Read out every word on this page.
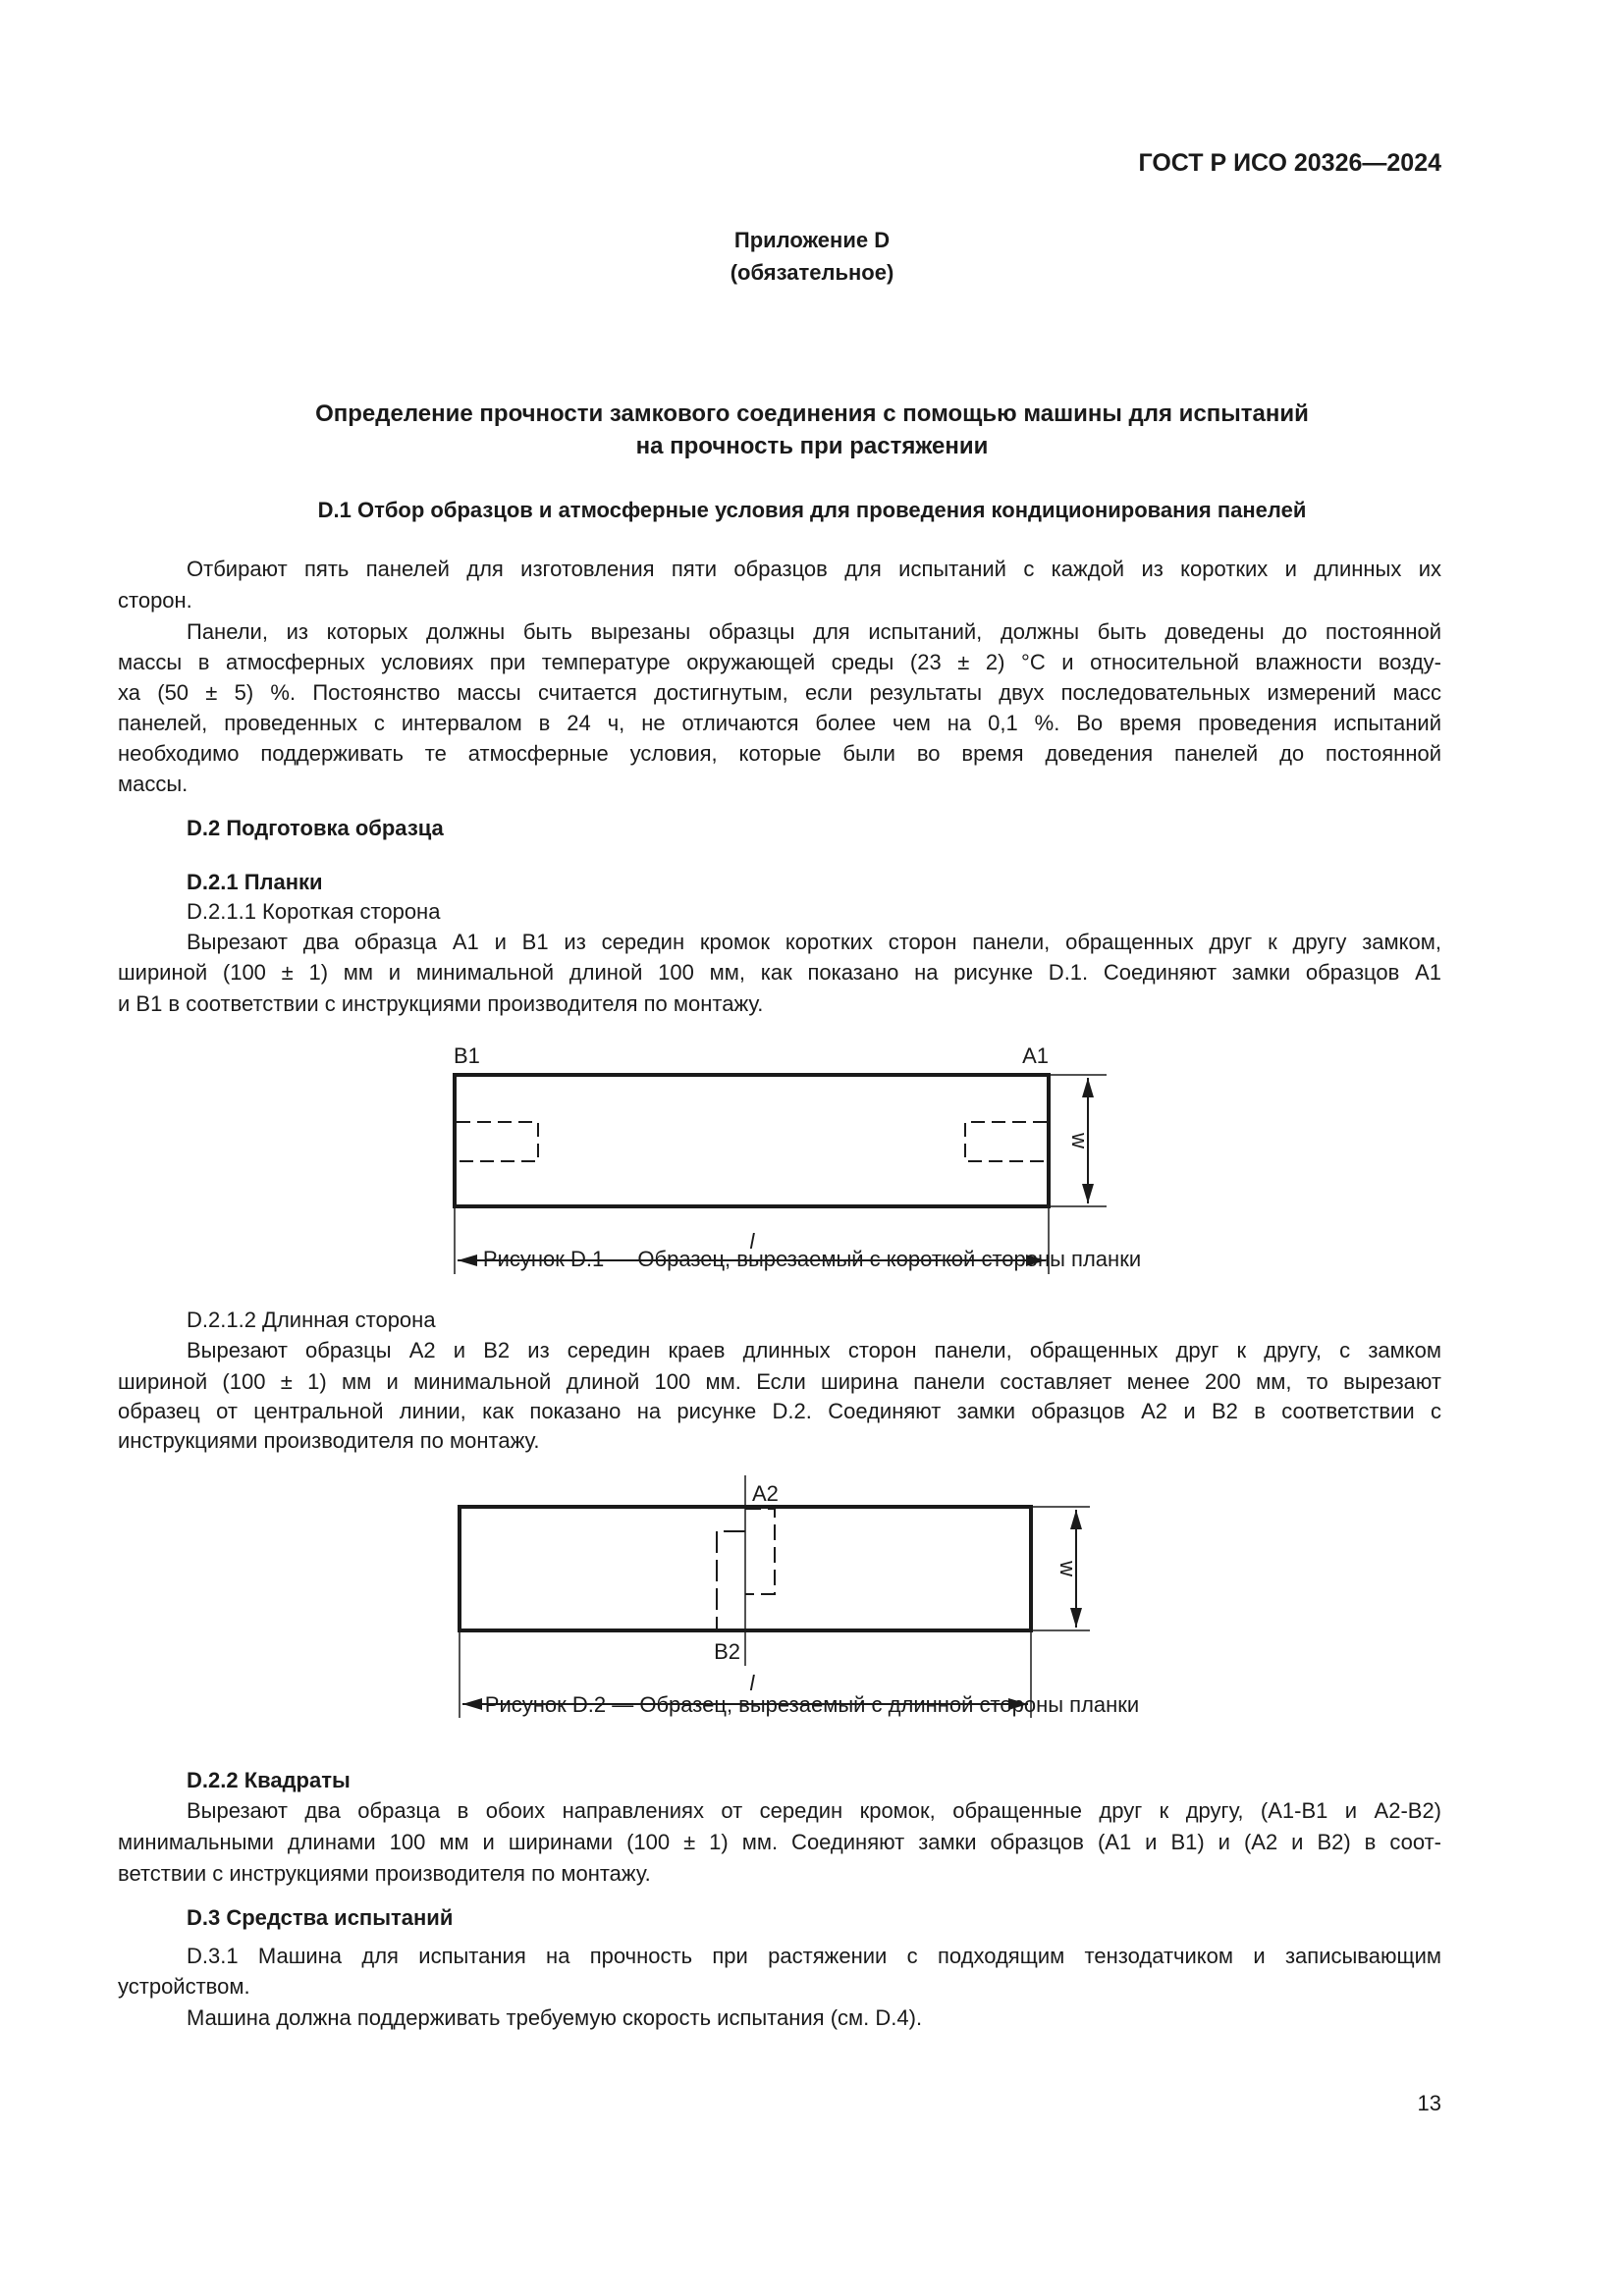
ГОСТ Р ИСО 20326—2024
Приложение D
(обязательное)
Определение прочности замкового соединения с помощью машины для испытаний
на прочность при растяжении
D.1 Отбор образцов и атмосферные условия для проведения кондиционирования панелей
Отбирают пять панелей для изготовления пяти образцов для испытаний с каждой из коротких и длинных их
сторон.
Панели, из которых должны быть вырезаны образцы для испытаний, должны быть доведены до постоянной
массы в атмосферных условиях при температуре окружающей среды (23 ± 2) °С и относительной влажности возду-
ха (50 ± 5) %. Постоянство массы считается достигнутым, если результаты двух последовательных измерений масс
панелей, проведенных с интервалом в 24 ч, не отличаются более чем на 0,1 %. Во время проведения испытаний
необходимо поддерживать те атмосферные условия, которые были во время доведения панелей до постоянной
массы.
D.2 Подготовка образца
D.2.1 Планки
D.2.1.1 Короткая сторона
Вырезают два образца А1 и В1 из середин кромок коротких сторон панели, обращенных друг к другу замком,
шириной (100 ± 1) мм и минимальной длиной 100 мм, как показано на рисунке D.1. Соединяют замки образцов А1
и В1 в соответствии с инструкциями производителя по монтажу.
B1	A1
w
l
A2
B2
w
l
Рисунок D.1 — Образец, вырезаемый с короткой стороны планки
D.2.1.2 Длинная сторона
Вырезают образцы А2 и В2 из середин краев длинных сторон панели, обращенных друг к другу, с замком
шириной (100 ± 1) мм и минимальной длиной 100 мм. Если ширина панели составляет менее 200 мм, то вырезают
образец от центральной линии, как показано на рисунке D.2. Соединяют замки образцов А2 и В2 в соответствии с
инструкциями производителя по монтажу.
Рисунок D.2 — Образец, вырезаемый с длинной стороны планки
D.2.2 Квадраты
Вырезают два образца в обоих направлениях от середин кромок, обращенные друг к другу, (А1-В1 и А2-В2)
минимальными длинами 100 мм и ширинами (100 ± 1) мм. Соединяют замки образцов (А1 и В1) и (А2 и В2) в соот-
ветствии с инструкциями производителя по монтажу.
D.3 Средства испытаний
D.3.1 Машина для испытания на прочность при растяжении с подходящим тензодатчиком и записывающим
устройством.
Машина должна поддерживать требуемую скорость испытания (см. D.4).
13
